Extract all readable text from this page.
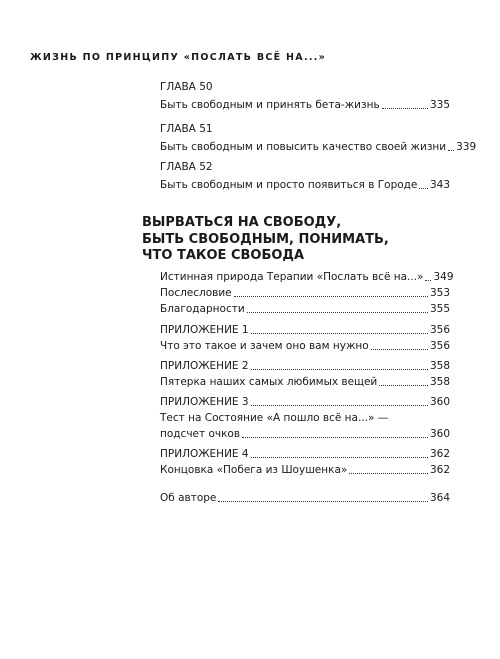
ЖИЗНЬ ПО ПРИНЦИПУ «ПОСЛАТЬ ВСЁ НА...»
ГЛАВА 50
Быть свободным и принять бета-жизнь	335
ГЛАВА 51
Быть свободным и повысить качество своей жизни 339
ГЛАВА 52
Быть свободным и просто появиться в Городе 343
ВЫРВАТЬСЯ НА СВОБОДУ,
БЫТЬ СВОБОДНЫМ, ПОНИМАТЬ,
ЧТО ТАКОЕ СВОБОДА
Истинная природа Терапии «Послать всё на...» 349
Послесловие	353
Благодарности	355
ПРИЛОЖЕНИЕ 1	356
Что это такое и зачем оно вам нужно	356
ПРИЛОЖЕНИЕ 2	358
Пятерка наших самых любимых вещей	358
ПРИЛОЖЕНИЕ 3	360
Тест на Состояние «А пошло всё на...» —
подсчет очков	360
ПРИЛОЖЕНИЕ 4	362
Концовка «Побега из Шоушенка»	362
Об авторе	364
